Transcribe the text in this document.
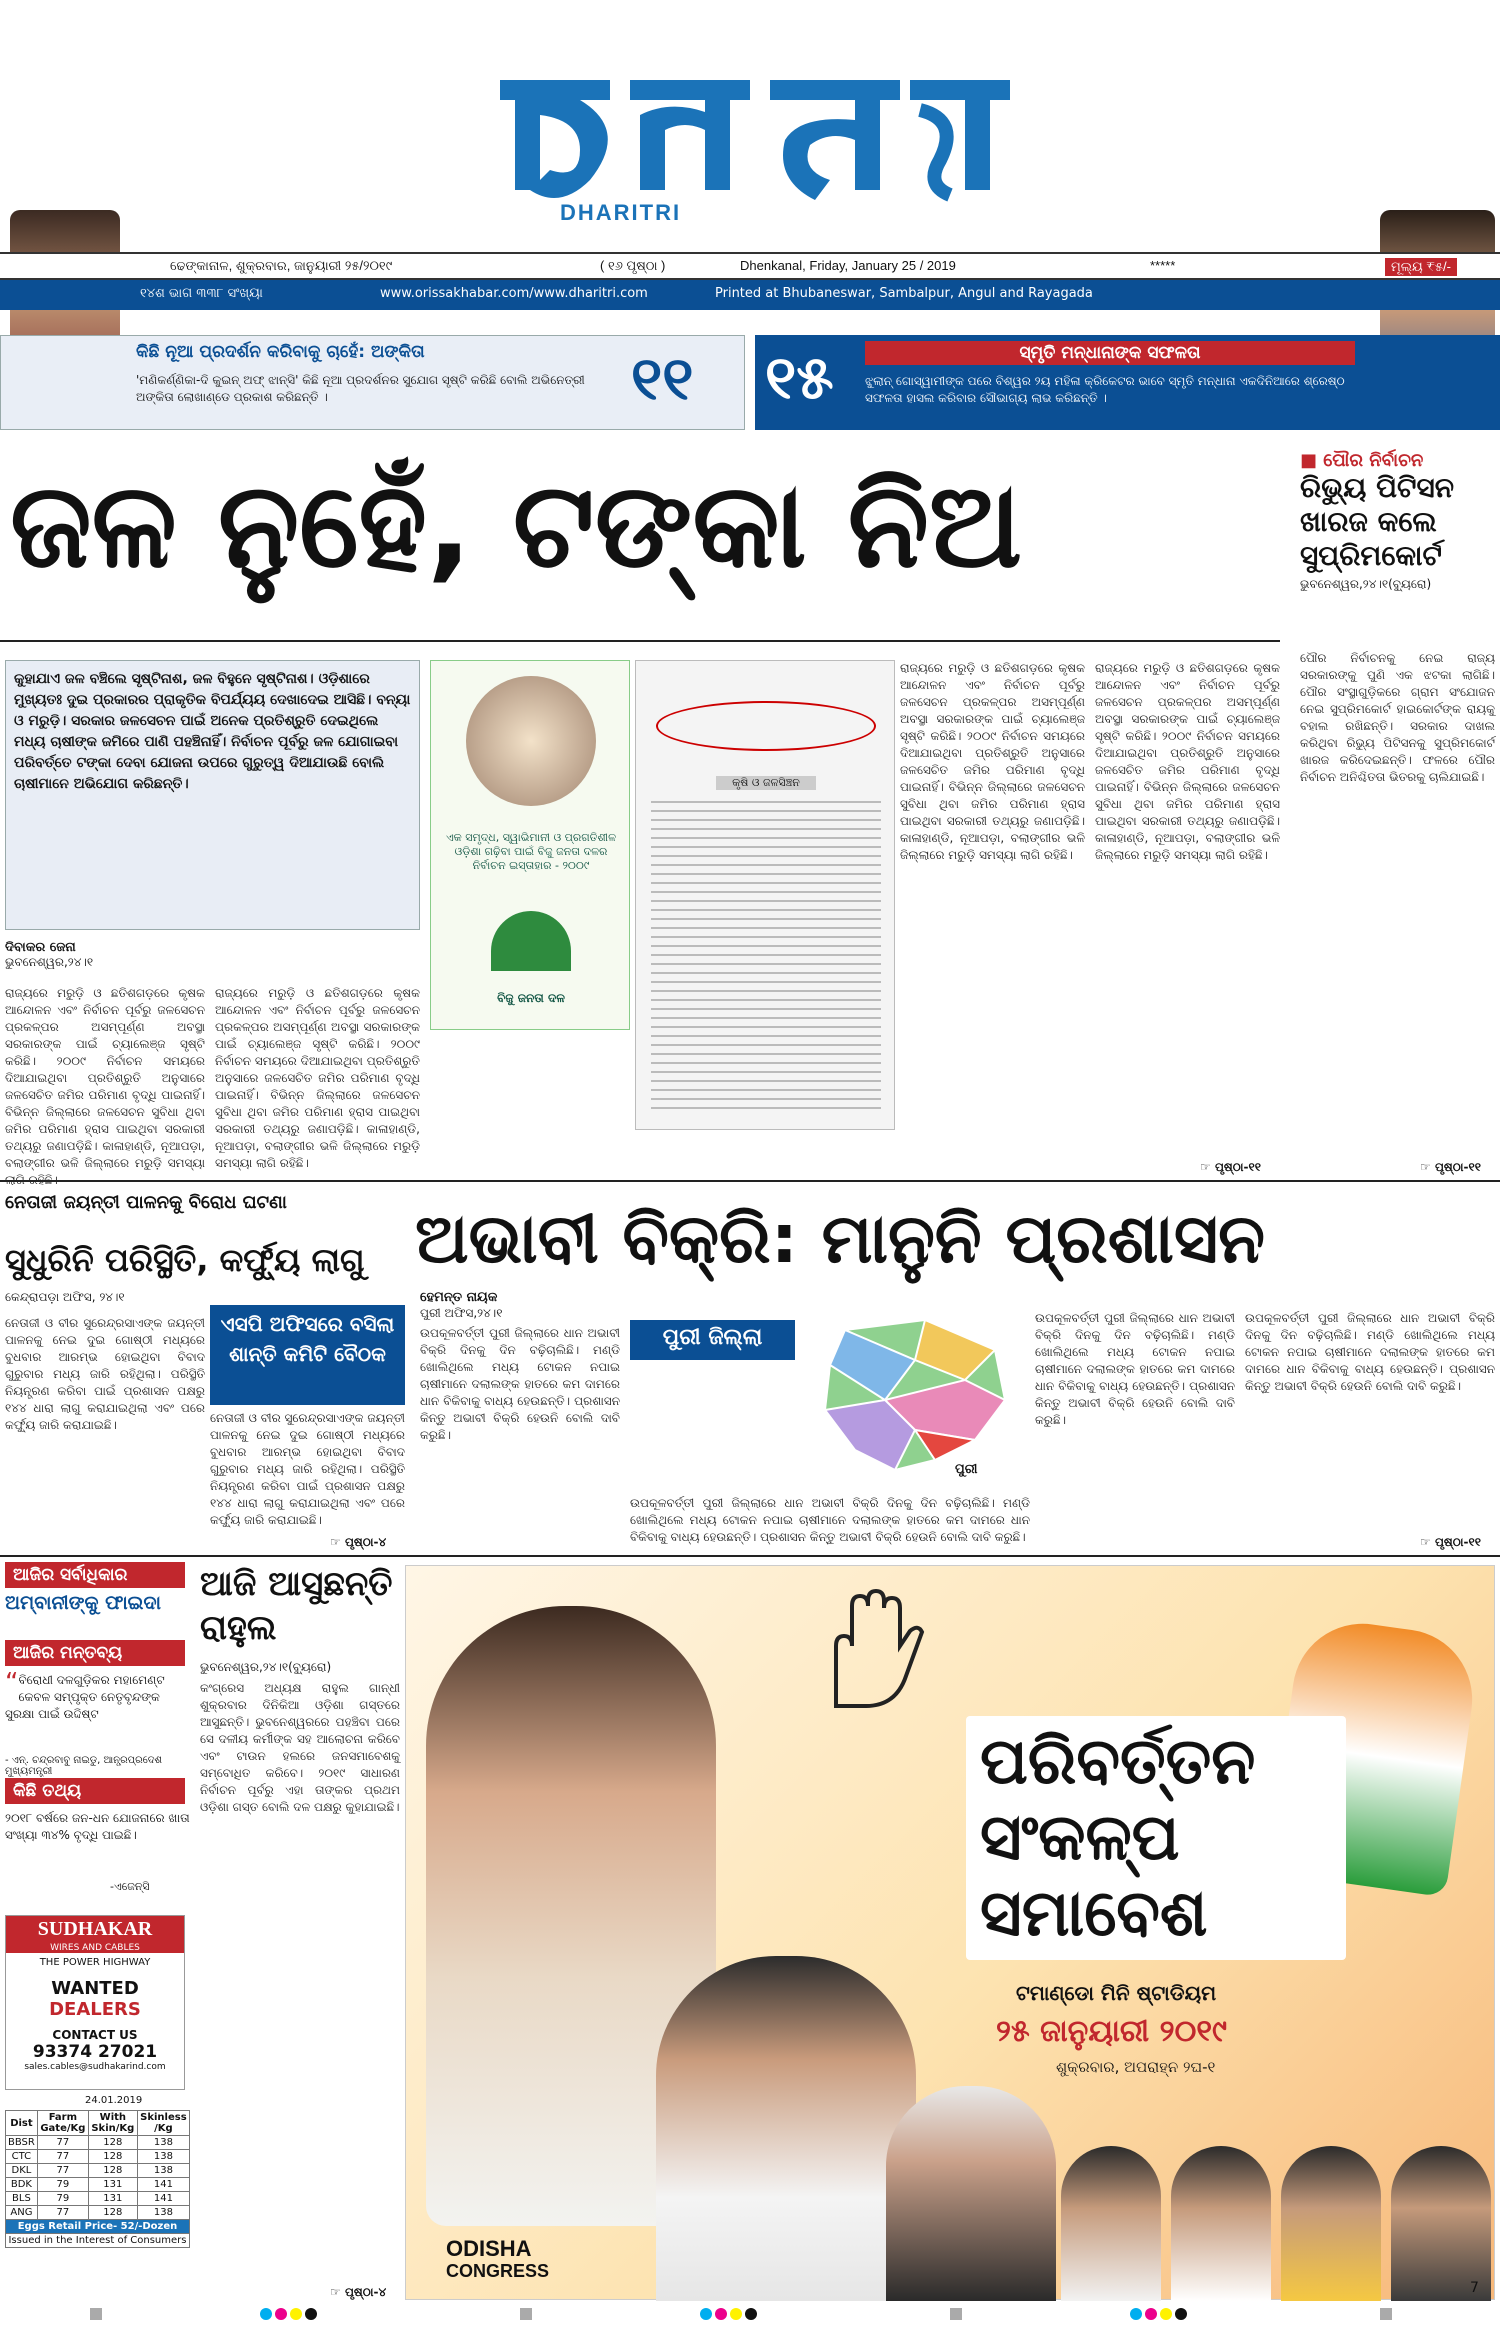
DHARITRI
ଢେଙ୍କାନାଳ, ଶୁକ୍ରବାର, ଜାନୁୟାରୀ ୨୫/୨୦୧୯	( ୧୬ ପୃଷ୍ଠା )	Dhenkanal, Friday, January 25 / 2019	*****	ମୂଲ୍ୟ ₹୫/-
୧୪ଶ ଭାଗ ୩୩୮ ସଂଖ୍ୟା	www.orissakhabar.com/www.dharitri.com	Printed at Bhubaneswar, Sambalpur, Angul and Rayagada
କିଛି ନୂଆ ପ୍ରଦର୍ଶନ କରିବାକୁ ଚାହେଁ: ଅଙ୍କିତା
'ମଣିକର୍ଣ୍ଣିକା-ଦି କୁଇନ୍ ଅଫ୍ ଝାନ୍ସି' କିଛି ନୂଆ ପ୍ରଦର୍ଶନର ସୁଯୋଗ ସୃଷ୍ଟି କରିଛି ବୋଲି ଅଭିନେତ୍ରୀ ଅଙ୍କିତା ଲୋଖାଣ୍ଡେ ପ୍ରକାଶ କରିଛନ୍ତି ।	୧୧ ୧୫	ସ୍ମୃତି ମନ୍ଧାନାଙ୍କ ସଫଳତା
ଝୁଲାନ୍ ଗୋସ୍ୱାମୀଙ୍କ ପରେ ବିଶ୍ୱର ୨ୟ ମହିଳା କ୍ରିକେଟର ଭାବେ ସ୍ମୃତି ମନ୍ଧାନା ଏକଦିନିଆରେ ଶ୍ରେଷ୍ଠ ସଫଳତା ହାସଲ କରିବାର ସୌଭାଗ୍ୟ ଲାଭ କରିଛନ୍ତି ।
ଜଳ ନୁହେଁ, ଟଙ୍କା ନିଅ	■ ପୌର ନିର୍ବାଚନ
ରିଭ୍ୟୁ ପିଟିସନ ଖାରଜ କଲେ ସୁପ୍ରିମକୋର୍ଟ
ଭୁବନେଶ୍ୱର,୨୪।୧(ବ୍ୟୁରୋ)
କୁହାଯାଏ ଜଳ ବଞ୍ଚିଲେ ସୃଷ୍ଟିନାଶ, ଜଳ ବିହୁନେ ସୃଷ୍ଟିନାଶ। ଓଡ଼ିଶାରେ ମୁଖ୍ୟତଃ ଦୁଇ ପ୍ରକାରର ପ୍ରାକୃତିକ ବିପର୍ଯ୍ୟୟ ଦେଖାଦେଇ ଆସିଛି। ବନ୍ୟା ଓ ମରୁଡ଼ି। ସରକାର ଜଳସେଚନ ପାଇଁ ଅନେକ ପ୍ରତିଶ୍ରୁତି ଦେଇଥିଲେ ମଧ୍ୟ ଚାଷୀଙ୍କ ଜମିରେ ପାଣି ପହଞ୍ଚିନାହିଁ। ନିର୍ବାଚନ ପୂର୍ବରୁ ଜଳ ଯୋଗାଇବା ପରିବର୍ତ୍ତେ ଟଙ୍କା ଦେବା ଯୋଜନା ଉପରେ ଗୁରୁତ୍ୱ ଦିଆଯାଉଛି ବୋଲି ଚାଷୀମାନେ ଅଭିଯୋଗ କରିଛନ୍ତି।
ଦିବାକର ଜେନା
ଭୁବନେଶ୍ୱର,୨୪।୧
ରାଜ୍ୟରେ ମରୁଡ଼ି ଓ ଛତିଶଗଡ଼ରେ କୃଷକ ଆନ୍ଦୋଳନ ଏବଂ ନିର୍ବାଚନ ପୂର୍ବରୁ ଜଳସେଚନ ପ୍ରକଳ୍ପର ଅସମ୍ପୂର୍ଣ୍ଣ ଅବସ୍ଥା ସରକାରଙ୍କ ପାଇଁ ଚ୍ୟାଲେଞ୍ଜ ସୃଷ୍ଟି କରିଛି। ୨୦୦୯ ନିର୍ବାଚନ ସମୟରେ ଦିଆଯାଇଥିବା ପ୍ରତିଶ୍ରୁତି ଅନୁସାରେ ଜଳସେଚିତ ଜମିର ପରିମାଣ ବୃଦ୍ଧି ପାଇନାହିଁ। ବିଭିନ୍ନ ଜିଲ୍ଲାରେ ଜଳସେଚନ ସୁବିଧା ଥିବା ଜମିର ପରିମାଣ ହ୍ରାସ ପାଇଥିବା ସରକାରୀ ତଥ୍ୟରୁ ଜଣାପଡ଼ିଛି। କାଳାହାଣ୍ଡି, ନୂଆପଡ଼ା, ବଲାଙ୍ଗୀର ଭଳି ଜିଲ୍ଲାରେ ମରୁଡ଼ି ସମସ୍ୟା
ରାଜ୍ୟରେ ମରୁଡ଼ି ଓ ଛତିଶଗଡ଼ରେ କୃଷକ ଆନ୍ଦୋଳନ ଏବଂ ନିର୍ବାଚନ ପୂର୍ବରୁ ଜଳସେଚନ ପ୍ରକଳ୍ପର ଅସମ୍ପୂର୍ଣ୍ଣ ଅବସ୍ଥା ସରକାରଙ୍କ ପାଇଁ ଚ୍ୟାଲେଞ୍ଜ ସୃଷ୍ଟି କରିଛି। ୨୦୦୯ ନିର୍ବାଚନ ସମୟରେ ଦିଆଯାଇଥିବା ପ୍ରତିଶ୍ରୁତି ଅନୁସାରେ ଜଳସେଚିତ ଜମିର ପରିମାଣ ବୃଦ୍ଧି ପାଇନାହିଁ। ବିଭିନ୍ନ ଜିଲ୍ଲାରେ ଜଳସେଚନ ସୁବିଧା ଥିବା ଜମିର ପରିମାଣ ହ୍ରାସ ପାଇଥିବା ସରକାରୀ ତଥ୍ୟରୁ ଜଣାପଡ଼ିଛି। କାଳାହାଣ୍ଡି, ନୂଆପଡ଼ା, ବଲାଙ୍ଗୀର ଭଳି ଜିଲ୍ଲାରେ ମରୁଡ଼ି ସମସ୍ୟା ଲାଗି ରହିଛି।
ଏକ ସମୃଦ୍ଧ, ସ୍ୱାଭିମାନୀ ଓ ପ୍ରଗତିଶୀଳ ଓଡ଼ିଶା ଗଢ଼ିବା ପାଇଁ ବିଜୁ ଜନତା ଦଳର ନିର୍ବାଚନ ଇସ୍ତାହାର - ୨୦୦୯
ବିଜୁ ଜନତା ଦଳ
କୃଷି ଓ ଜଳସିଞ୍ଚନ
ରାଜ୍ୟରେ ମରୁଡ଼ି ଓ ଛତିଶଗଡ଼ରେ କୃଷକ ଆନ୍ଦୋଳନ ଏବଂ ନିର୍ବାଚନ ପୂର୍ବରୁ ଜଳସେଚନ ପ୍ରକଳ୍ପର ଅସମ୍ପୂର୍ଣ୍ଣ ଅବସ୍ଥା ସରକାରଙ୍କ ପାଇଁ ଚ୍ୟାଲେଞ୍ଜ ସୃଷ୍ଟି କରିଛି। ୨୦୦୯ ନିର୍ବାଚନ ସମୟରେ ଦିଆଯାଇଥିବା ପ୍ରତିଶ୍ରୁତି ଅନୁସାରେ ଜଳସେଚିତ ଜମିର ପରିମାଣ ବୃଦ୍ଧି ପାଇନାହିଁ। ବିଭିନ୍ନ ଜିଲ୍ଲାରେ ଜଳସେଚନ ସୁବିଧା ଥିବା ଜମିର ପରିମାଣ ହ୍ରାସ ପାଇଥିବା ସରକାରୀ ତଥ୍ୟରୁ ଜଣାପଡ଼ିଛି। କାଳାହାଣ୍ଡି, ନୂଆପଡ଼ା, ବଲାଙ୍ଗୀର ଭଳି ଜିଲ୍ଲାରେ ମରୁଡ଼ି ସମସ୍ୟା ଲାଗି ରହିଛି।
ରାଜ୍ୟରେ ମରୁଡ଼ି ଓ ଛତିଶଗଡ଼ରେ କୃଷକ ଆନ୍ଦୋଳନ ଏବଂ ନିର୍ବାଚନ ପୂର୍ବରୁ ଜଳସେଚନ ପ୍ରକଳ୍ପର ଅସମ୍ପୂର୍ଣ୍ଣ ଅବସ୍ଥା ସରକାରଙ୍କ ପାଇଁ ଚ୍ୟାଲେଞ୍ଜ ସୃଷ୍ଟି କରିଛି। ୨୦୦୯ ନିର୍ବାଚନ ସମୟରେ ଦିଆଯାଇଥିବା ପ୍ରତିଶ୍ରୁତି ଅନୁସାରେ ଜଳସେଚିତ ଜମିର ପରିମାଣ ବୃଦ୍ଧି ପାଇନାହିଁ। ବିଭିନ୍ନ ଜିଲ୍ଲାରେ ଜଳସେଚନ ସୁବିଧା ଥିବା ଜମିର ପରିମାଣ ହ୍ରାସ ପାଇଥିବା ସରକାରୀ ତଥ୍ୟରୁ ଜଣାପଡ଼ିଛି। କାଳାହାଣ୍ଡି, ନୂଆପଡ଼ା, ବଲାଙ୍ଗୀର ଭଳି ଜିଲ୍ଲାରେ ମରୁଡ଼ି ସମସ୍ୟା ଲାଗି ରହିଛି।
☞ ପୃଷ୍ଠା-୧୧
ପୌର ନିର୍ବାଚନକୁ ନେଇ ରାଜ୍ୟ ସରକାରଙ୍କୁ ପୁଣି ଏକ ଝଟକା ଲାଗିଛି। ପୌର ସଂସ୍ଥାଗୁଡ଼ିକରେ ଗ୍ରାମ ସଂଯୋଜନ ନେଇ ସୁପ୍ରିମକୋର୍ଟ ହାଇକୋର୍ଟଙ୍କ ରାୟକୁ ବହାଲ ରଖିଛନ୍ତି। ସରକାର ଦାଖଲ କରିଥିବା ରିଭ୍ୟୁ ପିଟିସନକୁ ସୁପ୍ରିମକୋର୍ଟ ଖାରଜ କରିଦେଇଛନ୍ତି। ଫଳରେ ପୌର ନିର୍ବାଚନ ଅନିଶ୍ଚିତତା ଭିତରକୁ ଚାଲିଯାଇଛି।
☞ ପୃଷ୍ଠା-୧୧
ନେତାଜୀ ଜୟନ୍ତୀ ପାଳନକୁ ବିରୋଧ ଘଟଣା
ସୁଧୁରିନି ପରିସ୍ଥିତି, କର୍ଫ୍ୟୁ ଲାଗୁ
କେନ୍ଦ୍ରାପଡ଼ା ଅଫିସ, ୨୪।୧
ନେତାଜୀ ଓ ବୀର ସୁରେନ୍ଦ୍ରସାଏଙ୍କ ଜୟନ୍ତୀ ପାଳନକୁ ନେଇ ଦୁଇ ଗୋଷ୍ଠୀ ମଧ୍ୟରେ ବୁଧବାର ଆରମ୍ଭ ହୋଇଥିବା ବିବାଦ ଗୁରୁବାର ମଧ୍ୟ ଜାରି ରହିଥିଲା। ପରିସ୍ଥିତି ନିୟନ୍ତ୍ରଣ କରିବା ପାଇଁ ପ୍ରଶାସନ ପକ୍ଷରୁ ୧୪୪ ଧାରା ଲାଗୁ କରାଯାଇଥିଲା ଏବଂ ପରେ କର୍ଫ୍ୟୁ ଜାରି କରାଯାଇଛି।
ଏସପି ଅଫିସରେ ବସିଲା ଶାନ୍ତି କମିଟି ବୈଠକ
ନେତାଜୀ ଓ ବୀର ସୁରେନ୍ଦ୍ରସାଏଙ୍କ ଜୟନ୍ତୀ ପାଳନକୁ ନେଇ ଦୁଇ ଗୋଷ୍ଠୀ ମଧ୍ୟରେ ବୁଧବାର ଆରମ୍ଭ ହୋଇଥିବା ବିବାଦ ଗୁରୁବାର ମଧ୍ୟ ଜାରି ରହିଥିଲା। ପରିସ୍ଥିତି ନିୟନ୍ତ୍ରଣ କରିବା ପାଇଁ ପ୍ରଶାସନ ପକ୍ଷରୁ ୧୪୪ ଧାରା ଲାଗୁ କରାଯାଇଥିଲା ଏବଂ ପରେ କର୍ଫ୍ୟୁ ଜାରି କରାଯାଇଛି।
☞ ପୃଷ୍ଠା-୪
ଅଭାବୀ ବିକ୍ରି: ମାନୁନି ପ୍ରଶାସନ
ହେମନ୍ତ ନାୟକ
ପୁରୀ ଅଫିସ,୨୪।୧
ଉପକୂଳବର୍ତ୍ତୀ ପୁରୀ ଜିଲ୍ଲାରେ ଧାନ ଅଭାବୀ ବିକ୍ରି ଦିନକୁ ଦିନ ବଢ଼ିଚାଲିଛି। ମଣ୍ଡି ଖୋଲିଥିଲେ ମଧ୍ୟ ଟୋକନ ନପାଇ ଚାଷୀମାନେ ଦଲାଲଙ୍କ ହାତରେ କମ ଦାମରେ ଧାନ ବିକିବାକୁ ବାଧ୍ୟ ହେଉଛନ୍ତି। ପ୍ରଶାସନ କିନ୍ତୁ ଅଭାବୀ ବିକ୍ରି ହେଉନି ବୋଲି ଦାବି କରୁଛି।
ପୁରୀ ଜିଲ୍ଲା
ପୁରୀ
ଉପକୂଳବର୍ତ୍ତୀ ପୁରୀ ଜିଲ୍ଲାରେ ଧାନ ଅଭାବୀ ବିକ୍ରି ଦିନକୁ ଦିନ ବଢ଼ିଚାଲିଛି। ମଣ୍ଡି ଖୋଲିଥିଲେ ମଧ୍ୟ ଟୋକନ ନପାଇ ଚାଷୀମାନେ ଦଲାଲଙ୍କ ହାତରେ କମ ଦାମରେ ଧାନ ବିକିବାକୁ ବାଧ୍ୟ ହେଉଛନ୍ତି। ପ୍ରଶାସନ କିନ୍ତୁ ଅଭାବୀ ବିକ୍ରି ହେଉନି ବୋଲି ଦାବି କରୁଛି।
ଉପକୂଳବର୍ତ୍ତୀ ପୁରୀ ଜିଲ୍ଲାରେ ଧାନ ଅଭାବୀ ବିକ୍ରି ଦିନକୁ ଦିନ ବଢ଼ିଚାଲିଛି। ମଣ୍ଡି ଖୋଲିଥିଲେ ମଧ୍ୟ ଟୋକନ ନପାଇ ଚାଷୀମାନେ ଦଲାଲଙ୍କ ହାତରେ କମ ଦାମରେ ଧାନ ବିକିବାକୁ ବାଧ୍ୟ ହେଉଛନ୍ତି। ପ୍ରଶାସନ କିନ୍ତୁ ଅଭାବୀ ବିକ୍ରି ହେଉନି ବୋଲି ଦାବି କରୁଛି।
ଉପକୂଳବର୍ତ୍ତୀ ପୁରୀ ଜିଲ୍ଲାରେ ଧାନ ଅଭାବୀ ବିକ୍ରି ଦିନକୁ ଦିନ ବଢ଼ିଚାଲିଛି। ମଣ୍ଡି ଖୋଲିଥିଲେ ମଧ୍ୟ ଟୋକନ ନପାଇ ଚାଷୀମାନେ ଦଲାଲଙ୍କ ହାତରେ କମ ଦାମରେ ଧାନ ବିକିବାକୁ ବାଧ୍ୟ ହେଉଛନ୍ତି। ପ୍ରଶାସନ କିନ୍ତୁ ଅଭାବୀ ବିକ୍ରି ହେଉନି ବୋଲି ଦାବି କରୁଛି।
☞ ପୃଷ୍ଠା-୧୧
ଆଜିର ସର୍ବାଧିକାର
ଅମ୍ବାନୀଙ୍କୁ ଫାଇଦା
ଆଜିର ମନ୍ତବ୍ୟ
“ ବିରୋଧୀ ଦଳଗୁଡ଼ିକର ମହାମେଣ୍ଟ କେବଳ ସମ୍ପୃକ୍ତ ନେତୃବୃନ୍ଦଙ୍କ ସୁରକ୍ଷା ପାଇଁ ଉଦ୍ଦିଷ୍ଟ
- ଏନ୍. ଚନ୍ଦ୍ରବାବୁ ନାଇଡୁ, ଆନ୍ଧ୍ରପ୍ରଦେଶ ମୁଖ୍ୟମନ୍ତ୍ରୀ
କିଛି ତଥ୍ୟ
୨୦୧୮ ବର୍ଷରେ ଜନ-ଧନ ଯୋଜନାରେ ଖାତା ସଂଖ୍ୟା ୩୪% ବୃଦ୍ଧି ପାଇଛି।
-ଏଜେନ୍ସି
SUDHAKAR
WIRES AND CABLES
THE POWER HIGHWAY
WANTED
DEALERS
CONTACT US
93374 27021
sales.cables@sudhakarind.com
24.01.2019
Dist	Farm Gate/Kg	With Skin/Kg	Skinless /Kg
BBSR	77	128	138
CTC	77	128	138
DKL	77	128	138
BDK	79	131	141
BLS	79	131	141
ANG	77	128	138
Eggs Retail Price- 52/-Dozen			
Issued in the Interest of Consumers			
ଆଜି ଆସୁଛନ୍ତି ରାହୁଲ
ଭୁବନେଶ୍ୱର,୨୪।୧(ବ୍ୟୁରୋ)
କଂଗ୍ରେସ ଅଧ୍ୟକ୍ଷ ରାହୁଲ ଗାନ୍ଧୀ ଶୁକ୍ରବାର ଦିନିକିଆ ଓଡ଼ିଶା ଗସ୍ତରେ ଆସୁଛନ୍ତି। ଭୁବନେଶ୍ୱରରେ ପହଞ୍ଚିବା ପରେ ସେ ଦଳୀୟ କର୍ମୀଙ୍କ ସହ ଆଲୋଚନା କରିବେ ଏବଂ ଟାଉନ ହଲରେ ଜନସମାବେଶକୁ ସମ୍ବୋଧିତ କରିବେ। ୨୦୧୯ ସାଧାରଣ ନିର୍ବାଚନ ପୂର୍ବରୁ ଏହା ତାଙ୍କର ପ୍ରଥମ ଓଡ଼ିଶା ଗସ୍ତ ବୋଲି ଦଳ ପକ୍ଷରୁ କୁହାଯାଇଛି।
☞ ପୃଷ୍ଠା-୪
ପରିବର୍ତ୍ତନ
ସଂକଳ୍ପ
ସମାବେଶ
ଟମାଣ୍ଡୋ ମିନି ଷ୍ଟାଡିୟମ
୨୫ ଜାନୁୟାରୀ ୨୦୧୯
ଶୁକ୍ରବାର, ଅପରାହ୍ନ ୨ଘ-୧
ODISHA
CONGRESS
7
